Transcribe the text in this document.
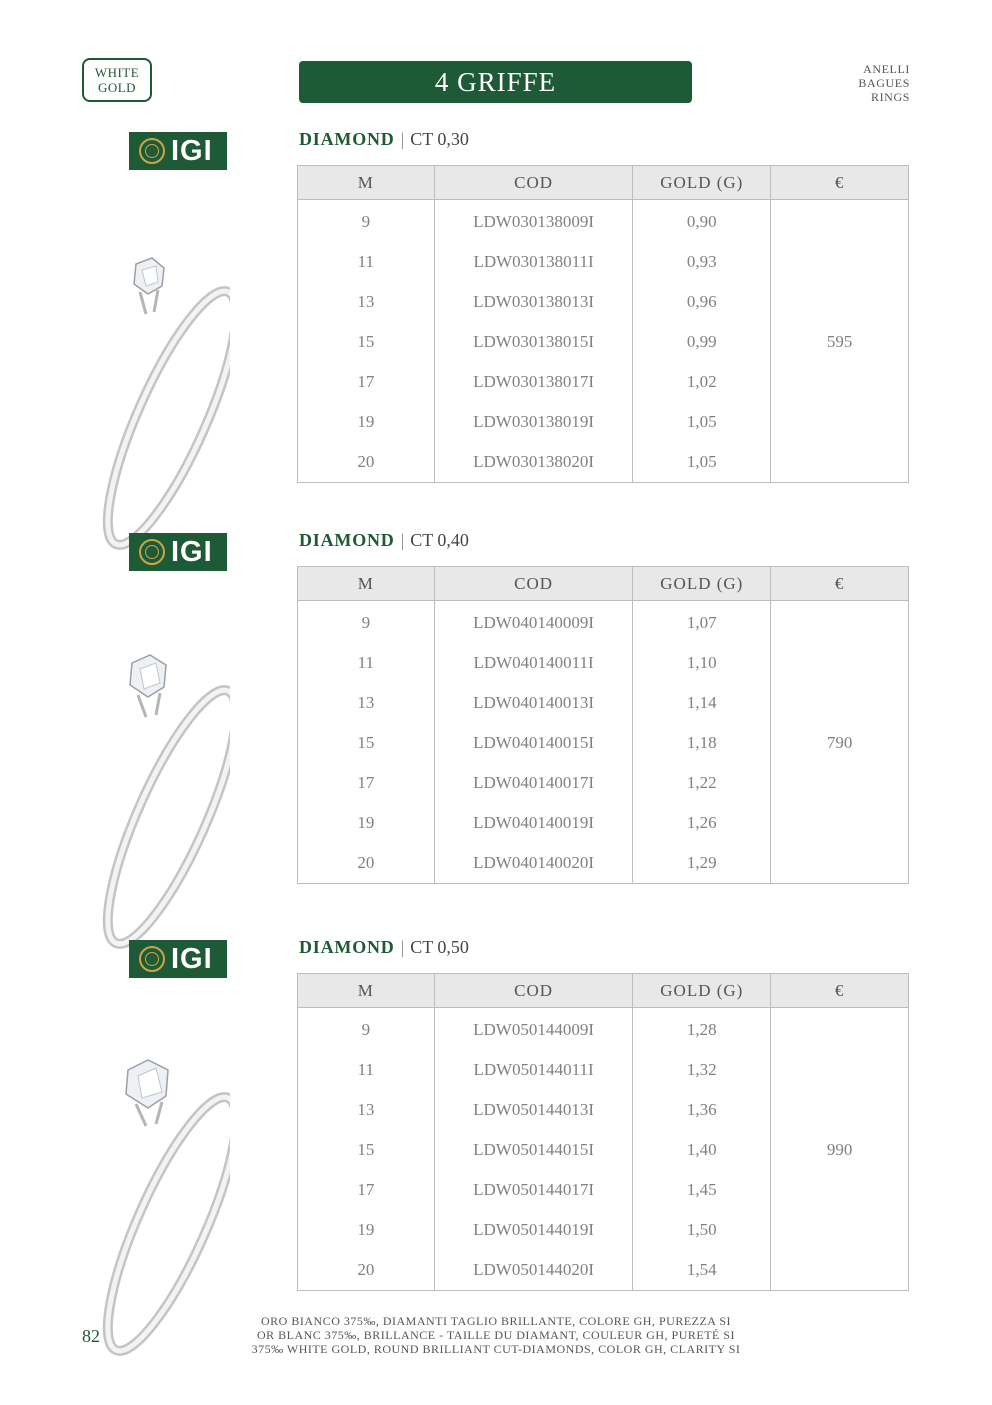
WHITE
GOLD	4 GRIFFE	ANELLI
BAGUES
RINGS
IGI	DIAMOND | CT 0,30
M	COD	GOLD (G)	€
9	LDW030138009I	0,90	595
11	LDW030138011I	0,93	
13	LDW030138013I	0,96	
15	LDW030138015I	0,99	
17	LDW030138017I	1,02	
19	LDW030138019I	1,05	
20	LDW030138020I	1,05	
IGI	DIAMOND | CT 0,40
M	COD	GOLD (G)	€
9	LDW040140009I	1,07	790
11	LDW040140011I	1,10	
13	LDW040140013I	1,14	
15	LDW040140015I	1,18	
17	LDW040140017I	1,22	
19	LDW040140019I	1,26	
20	LDW040140020I	1,29	
IGI	DIAMOND | CT 0,50
M	COD	GOLD (G)	€
9	LDW050144009I	1,28	990
11	LDW050144011I	1,32	
13	LDW050144013I	1,36	
15	LDW050144015I	1,40	
17	LDW050144017I	1,45	
19	LDW050144019I	1,50	
20	LDW050144020I	1,54	
82
ORO BIANCO 375‰, DIAMANTI TAGLIO BRILLANTE, COLORE GH, PUREZZA SI
OR BLANC 375‰, BRILLANCE - TAILLE DU DIAMANT, COULEUR GH, PURETÉ SI
375‰ WHITE GOLD, ROUND BRILLIANT CUT-DIAMONDS, COLOR GH, CLARITY SI
